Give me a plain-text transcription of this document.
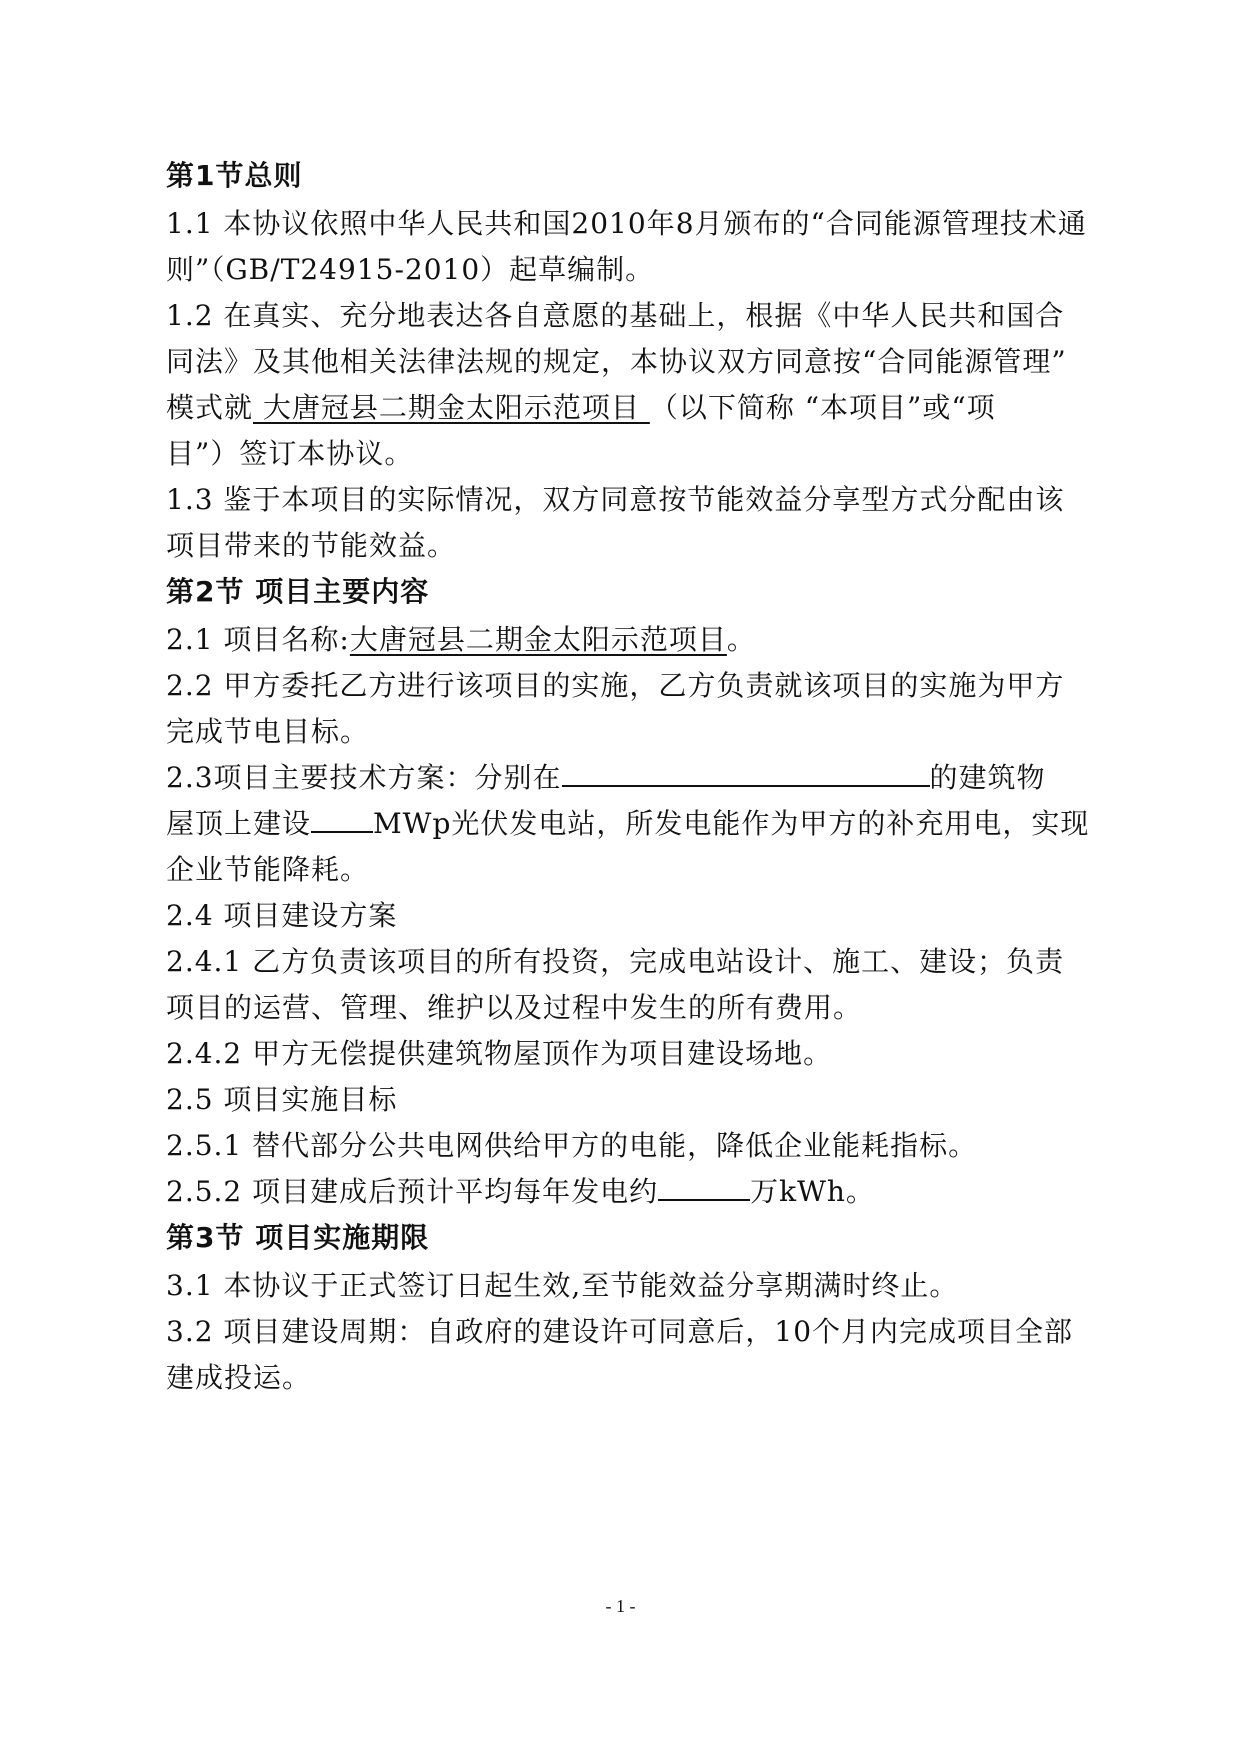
第1节总则
1.1 本协议依照中华人民共和国2010年8月颁布的“合同能源管理技术通
则”（GB/T24915-2010）起草编制。
1.2 在真实、充分地表达各自意愿的基础上，根据《中华人民共和国合
同法》及其他相关法律法规的规定，本协议双方同意按“合同能源管理”
模式就 大唐冠县二期金太阳示范项目 （以下简称 “本项目”或“项
目”）签订本协议。
1.3 鉴于本项目的实际情况，双方同意按节能效益分享型方式分配由该
项目带来的节能效益。
第2节 项目主要内容
2.1 项目名称:大唐冠县二期金太阳示范项目。
2.2 甲方委托乙方进行该项目的实施，乙方负责就该项目的实施为甲方
完成节电目标。
2.3项目主要技术方案：分别在	的建筑物
屋顶上建设 MWp光伏发电站，所发电能作为甲方的补充用电，实现
企业节能降耗。
2.4 项目建设方案
2.4.1 乙方负责该项目的所有投资，完成电站设计、施工、建设；负责
项目的运营、管理、维护以及过程中发生的所有费用。
2.4.2 甲方无偿提供建筑物屋顶作为项目建设场地。
2.5 项目实施目标
2.5.1 替代部分公共电网供给甲方的电能，降低企业能耗指标。
2.5.2 项目建成后预计平均每年发电约	万kWh。
第3节 项目实施期限
3.1 本协议于正式签订日起生效,至节能效益分享期满时终止。
3.2 项目建设周期：自政府的建设许可同意后，10个月内完成项目全部
建成投运。
- 1 -
